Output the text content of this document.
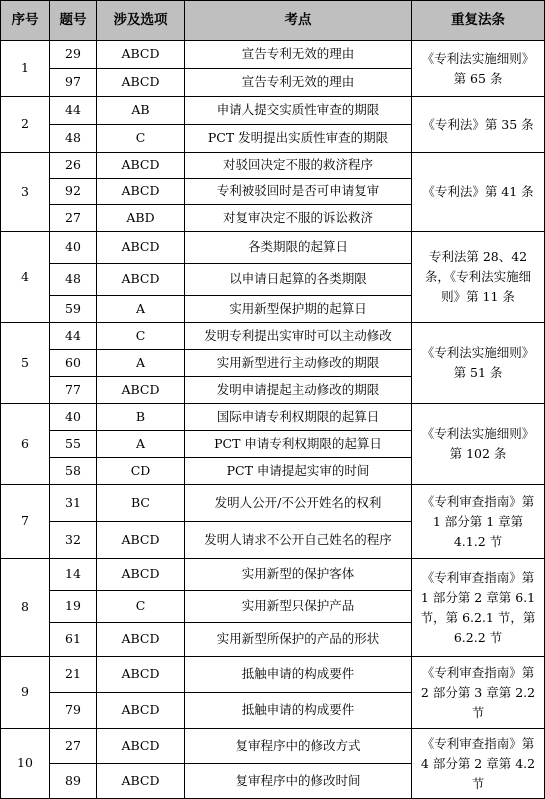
序号	题号	涉及选项	考点	重复法条
1	29	ABCD	宣告专利无效的理由	《专利法实施细则》第 65 条
	97	ABCD	宣告专利无效的理由	
2	44	AB	申请人提交实质性审查的期限	《专利法》第 35 条
	48	C	PCT 发明提出实质性审查的期限	
3	26	ABCD	对驳回决定不服的救济程序	《专利法》第 41 条
	92	ABCD	专利被驳回时是否可申请复审	
	27	ABD	对复审决定不服的诉讼救济	
4	40	ABCD	各类期限的起算日	专利法第 28、42 条，《专利法实施细则》第 11 条
	48	ABCD	以申请日起算的各类期限	
	59	A	实用新型保护期的起算日	
5	44	C	发明专利提出实审时可以主动修改	《专利法实施细则》第 51 条
	60	A	实用新型进行主动修改的期限	
	77	ABCD	发明申请提起主动修改的期限	
6	40	B	国际申请专利权期限的起算日	《专利法实施细则》第 102 条
	55	A	PCT 申请专利权期限的起算日	
	58	CD	PCT 申请提起实审的时间	
7	31	BC	发明人公开/不公开姓名的权利	《专利审查指南》第 1 部分第 1 章第 4.1.2 节
	32	ABCD	发明人请求不公开自己姓名的程序	
8	14	ABCD	实用新型的保护客体	《专利审查指南》第 1 部分第 2 章第 6.1 节，第 6.2.1 节，第 6.2.2 节
	19	C	实用新型只保护产品	
	61	ABCD	实用新型所保护的产品的形状	
9	21	ABCD	抵触申请的构成要件	《专利审查指南》第 2 部分第 3 章第 2.2 节
	79	ABCD	抵触申请的构成要件	
10	27	ABCD	复审程序中的修改方式	《专利审查指南》第 4 部分第 2 章第 4.2 节
	89	ABCD	复审程序中的修改时间	
